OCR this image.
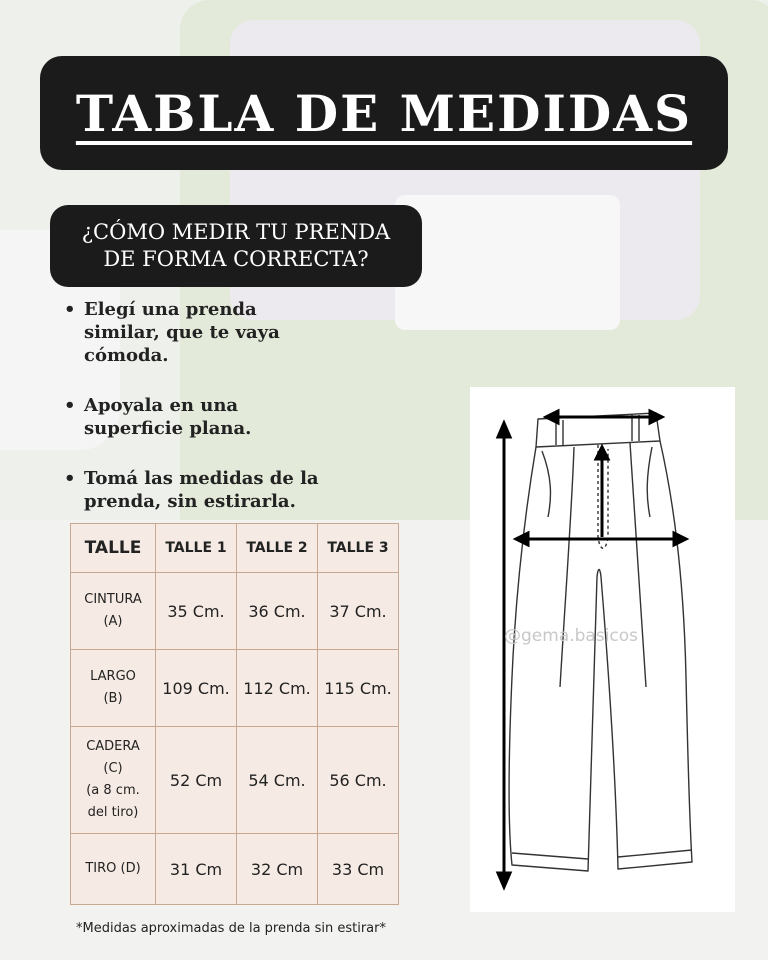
TABLA DE MEDIDAS
¿CÓMO MEDIR TU PRENDA
DE FORMA CORRECTA?
• Elegí una prenda
similar, que te vaya
cómoda.
• Apoyala en una
superficie plana.
• Tomá las medidas de la
prenda, sin estirarla.
TALLE	TALLE 1	TALLE 2	TALLE 3
CINTURA
(A)	35 Cm.	36 Cm.	37 Cm.
LARGO
(B)	109 Cm.	112 Cm.	115 Cm.
CADERA
(C)
(a 8 cm.
del tiro)	52 Cm	54 Cm.	56 Cm.
TIRO (D)	31 Cm	32 Cm	33 Cm
*Medidas aproximadas de la prenda sin estirar*
@gema.basicos
